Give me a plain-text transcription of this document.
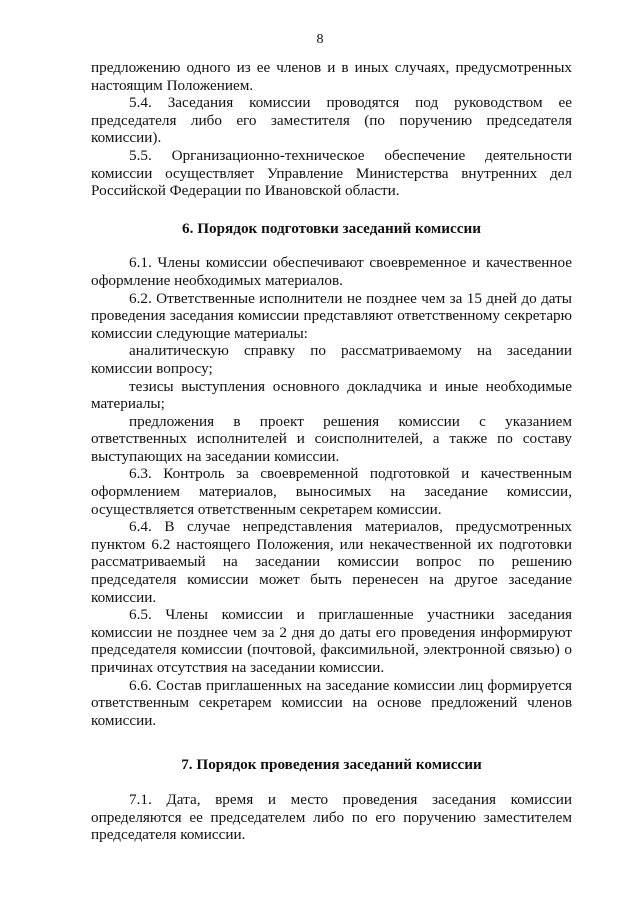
8

предложению одного из ее членов и в иных случаях, предусмотренных настоящим Положением.

5.4. Заседания комиссии проводятся под руководством ее председателя либо его заместителя (по поручению председателя комиссии).

5.5. Организационно-техническое обеспечение деятельности комиссии осуществляет Управление Министерства внутренних дел Российской Федерации по Ивановской области.

6. Порядок подготовки заседаний комиссии

6.1. Члены комиссии обеспечивают своевременное и качественное оформление необходимых материалов.

6.2. Ответственные исполнители не позднее чем за 15 дней до даты проведения заседания комиссии представляют ответственному секретарю комиссии следующие материалы:

аналитическую справку по рассматриваемому на заседании комиссии вопросу;

тезисы выступления основного докладчика и иные необходимые материалы;

предложения в проект решения комиссии с указанием ответственных исполнителей и соисполнителей, а также по составу выступающих на заседании комиссии.

6.3. Контроль за своевременной подготовкой и качественным оформлением материалов, выносимых на заседание комиссии, осуществляется ответственным секретарем комиссии.

6.4. В случае непредставления материалов, предусмотренных пунктом 6.2 настоящего Положения, или некачественной их подготовки рассматриваемый на заседании комиссии вопрос по решению председателя комиссии может быть перенесен на другое заседание комиссии.

6.5. Члены комиссии и приглашенные участники заседания комиссии не позднее чем за 2 дня до даты его проведения информируют председателя комиссии (почтовой, факсимильной, электронной связью) о причинах отсутствия на заседании комиссии.

6.6. Состав приглашенных на заседание комиссии лиц формируется ответственным секретарем комиссии на основе предложений членов комиссии.

7. Порядок проведения заседаний комиссии

7.1. Дата, время и место проведения заседания комиссии определяются ее председателем либо по его поручению заместителем председателя комиссии.
